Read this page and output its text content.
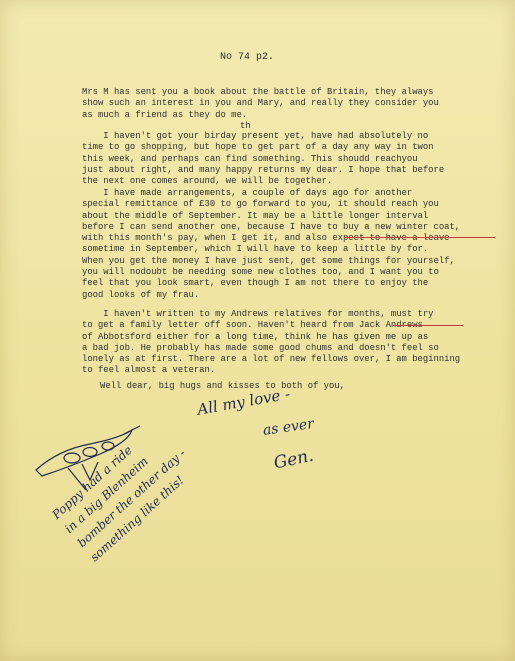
No 74 p2.
Mrs M has sent you a book about the battle of Britain, they always
show such an interest in you and Mary, and really they consider you
as much a friend as they do me.
th
I haven't got your birday present yet, have had absolutely no
time to go shopping, but hope to get part of a day any way in twon
this week, and perhaps can find something. This shoudd reachyou
just about right, and many happy returns my dear. I hope that before
the next one comes around, we will be together.
I have made arrangements, a couple of days ago for another
special remittance of £30 to go forward to you, it should reach you
about the middle of September. It may be a little longer interval
before I can send another one, because I have to buy a new winter coat,
with this month's pay, when I get it, and also expect to have a leave
sometime in September, which I will have to keep a little by for.
When you get the money I have just sent, get some things for yourself,
you will nodoubt be needing some new clothes too, and I want you to
feel that you look smart, even though I am not there to enjoy the
good looks of my frau.
I haven't written to my Andrews relatives for months, must try
to get a family letter off soon. Haven't heard from Jack Andrews
of Abbotsford either for a long time, think he has given me up as
a bad job. He probably has made some good chums and doesn't feel so
lonely as at first. There are a lot of new fellows over, I am beginning
to feel almost a veteran.
Well dear, big hugs and kisses to both of you,
All my love -
as ever
Gen.
Poppy had a ride
in a big Blenheim
bomber the other day -
something like this!
